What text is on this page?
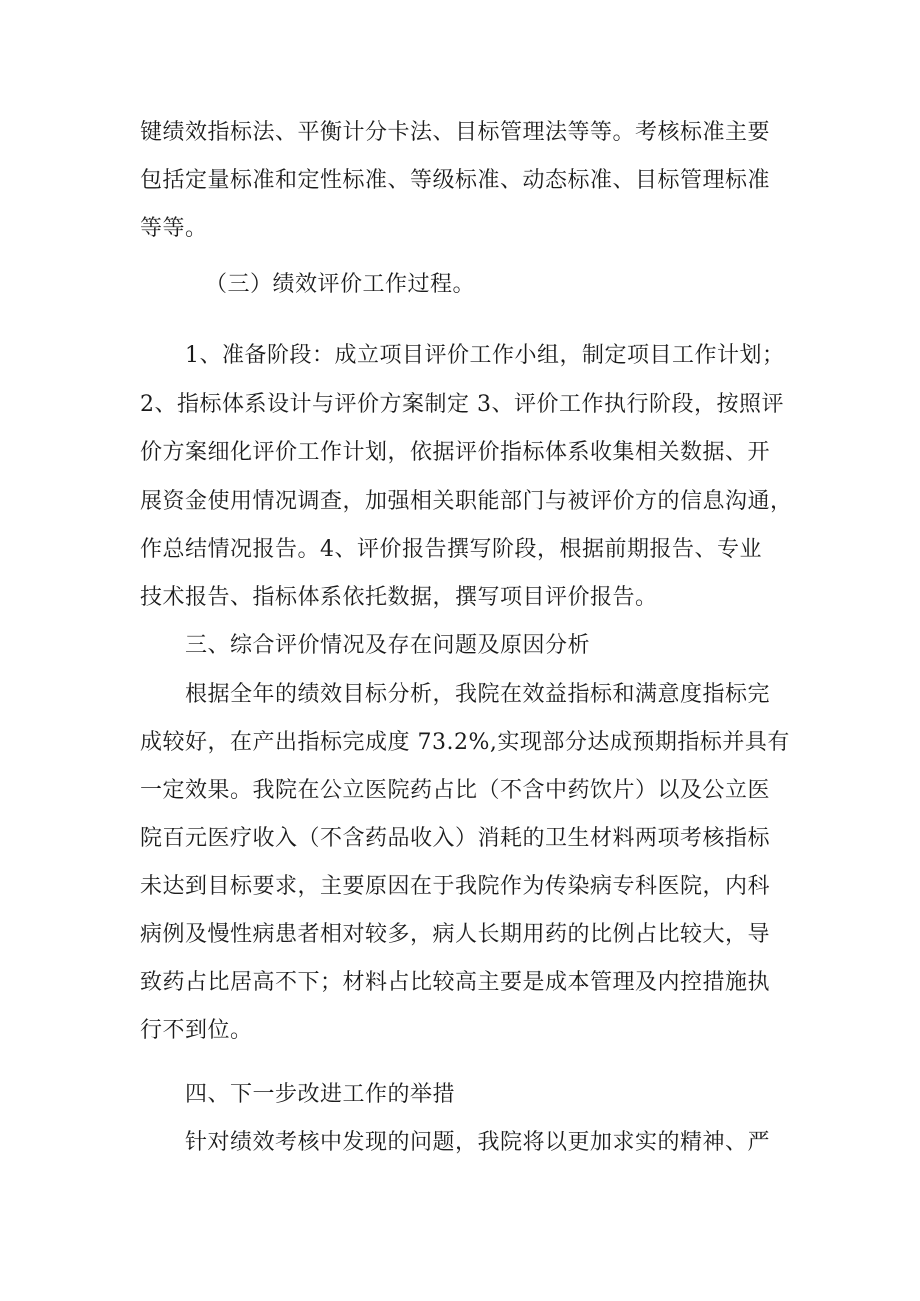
键绩效指标法、平衡计分卡法、目标管理法等等。考核标准主要
包括定量标准和定性标准、等级标准、动态标准、目标管理标准
等等。
（三）绩效评价工作过程。
1、准备阶段：成立项目评价工作小组，制定项目工作计划；
2、指标体系设计与评价方案制定 3、评价工作执行阶段，按照评
价方案细化评价工作计划，依据评价指标体系收集相关数据、开
展资金使用情况调查，加强相关职能部门与被评价方的信息沟通，
作总结情况报告。4、评价报告撰写阶段，根据前期报告、专业
技术报告、指标体系依托数据，撰写项目评价报告。
三、综合评价情况及存在问题及原因分析
根据全年的绩效目标分析，我院在效益指标和满意度指标完
成较好，在产出指标完成度 73.2%,实现部分达成预期指标并具有
一定效果。我院在公立医院药占比（不含中药饮片）以及公立医
院百元医疗收入（不含药品收入）消耗的卫生材料两项考核指标
未达到目标要求，主要原因在于我院作为传染病专科医院，内科
病例及慢性病患者相对较多，病人长期用药的比例占比较大，导
致药占比居高不下；材料占比较高主要是成本管理及内控措施执
行不到位。
四、下一步改进工作的举措
针对绩效考核中发现的问题，我院将以更加求实的精神、严
